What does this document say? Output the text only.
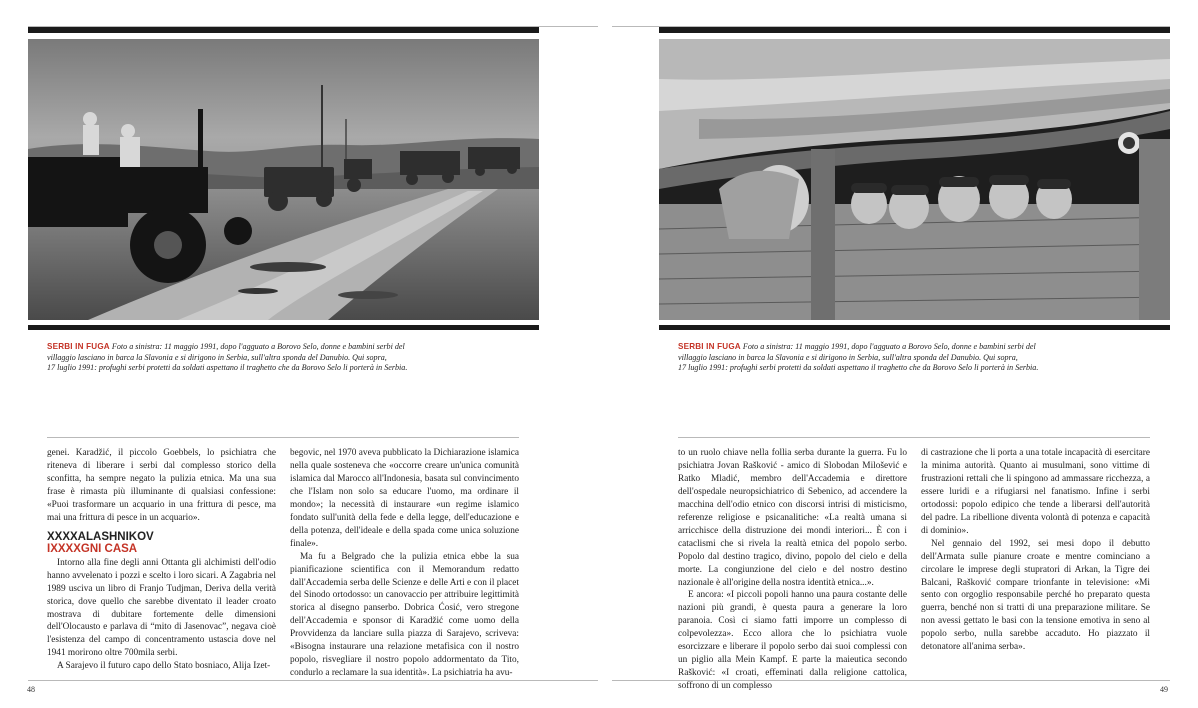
SERBI IN FUGA Foto a sinistra: 11 maggio 1991, dopo l'agguato a Borovo Selo, donne e bambini serbi del
villaggio lasciano in barca la Slavonia e si dirigono in Serbia, sull'altra sponda del Danubio. Qui sopra,
17 luglio 1991: profughi serbi protetti da soldati aspettano il traghetto che da Borovo Selo li porterà in Serbia.

genei. Karadžić, il piccolo Goebbels, lo psichiatra che riteneva di liberare i serbi dal complesso storico della sconfitta, ha sempre negato la pulizia etnica. Ma una sua frase è rimasta più illuminante di qualsiasi confessione: «Puoi trasformare un acquario in una frittura di pesce, ma mai una frittura di pesce in un acquario».

XXXXALASHNIKOV
IXXXXGNI CASA

Intorno alla fine degli anni Ottanta gli alchimisti dell'odio hanno avvelenato i pozzi e scelto i loro sicari. A Zagabria nel 1989 usciva un libro di Franjo Tudjman, Deriva della verità storica, dove quello che sarebbe diventato il leader croato mostrava di dubitare fortemente delle dimensioni dell'Olocausto e parlava di “mito di Jasenovac”, negava cioè l'esistenza del campo di concentramento ustascia dove nel 1941 morirono oltre 700mila serbi.

A Sarajevo il futuro capo dello Stato bosniaco, Alija Izet-

begovic, nel 1970 aveva pubblicato la Dichiarazione islamica nella quale sosteneva che «occorre creare un'unica comunità islamica dal Marocco all'Indonesia, basata sul convincimento che l'Islam non solo sa educare l'uomo, ma ordinare il mondo»; la necessità di instaurare «un regime islamico fondato sull'unità della fede e della legge, dell'educazione e della potenza, dell'ideale e della spada come unica soluzione finale».

Ma fu a Belgrado che la pulizia etnica ebbe la sua pianificazione scientifica con il Memorandum redatto dall'Accademia serba delle Scienze e delle Arti e con il placet del Sinodo ortodosso: un canovaccio per attribuire legittimità storica al disegno panserbo. Dobrica Ćosić, vero stregone dell'Accademia e sponsor di Karadžić come uomo della Provvidenza da lanciare sulla piazza di Sarajevo, scriveva: «Bisogna instaurare una relazione metafisica con il nostro popolo, risvegliare il nostro popolo addormentato da Tito, condurlo a reclamare la sua identità». La psichiatria ha avu-

48
SERBI IN FUGA Foto a sinistra: 11 maggio 1991, dopo l'agguato a Borovo Selo, donne e bambini serbi del
villaggio lasciano in barca la Slavonia e si dirigono in Serbia, sull'altra sponda del Danubio. Qui sopra,
17 luglio 1991: profughi serbi protetti da soldati aspettano il traghetto che da Borovo Selo li porterà in Serbia.

to un ruolo chiave nella follia serba durante la guerra. Fu lo psichiatra Jovan Rašković - amico di Slobodan Milošević e Ratko Mladić, membro dell'Accademia e direttore dell'ospedale neuropsichiatrico di Sebenico, ad accendere la macchina dell'odio etnico con discorsi intrisi di misticismo, referenze religiose e psicanalitiche: «La realtà umana si arricchisce della distruzione dei mondi interiori... È con i cataclismi che si rivela la realtà etnica del popolo serbo. Popolo dal destino tragico, divino, popolo del cielo e della morte. La congiunzione del cielo e del nostro destino nazionale è all'origine della nostra identità etnica...».

E ancora: «I piccoli popoli hanno una paura costante delle nazioni più grandi, è questa paura a generare la loro paranoia. Così ci siamo fatti imporre un complesso di colpevolezza». Ecco allora che lo psichiatra vuole esorcizzare e liberare il popolo serbo dai suoi complessi con un piglio alla Mein Kampf. E parte la maieutica secondo Rašković: «I croati, effeminati dalla religione cattolica, soffrono di un complesso

di castrazione che li porta a una totale incapacità di esercitare la minima autorità. Quanto ai musulmani, sono vittime di frustrazioni rettali che li spingono ad ammassare ricchezza, a essere luridi e a rifugiarsi nel fanatismo. Infine i serbi ortodossi: popolo edipico che tende a liberarsi dell'autorità del padre. La ribellione diventa volontà di potenza e capacità di dominio».

Nel gennaio del 1992, sei mesi dopo il debutto dell'Armata sulle pianure croate e mentre cominciano a circolare le imprese degli stupratori di Arkan, la Tigre dei Balcani, Rašković compare trionfante in televisione: «Mi sento con orgoglio responsabile perché ho preparato questa guerra, benché non si tratti di una preparazione militare. Se non avessi gettato le basi con la tensione emotiva in seno al popolo serbo, nulla sarebbe accaduto. Ho piazzato il detonatore all'anima serba».

49
